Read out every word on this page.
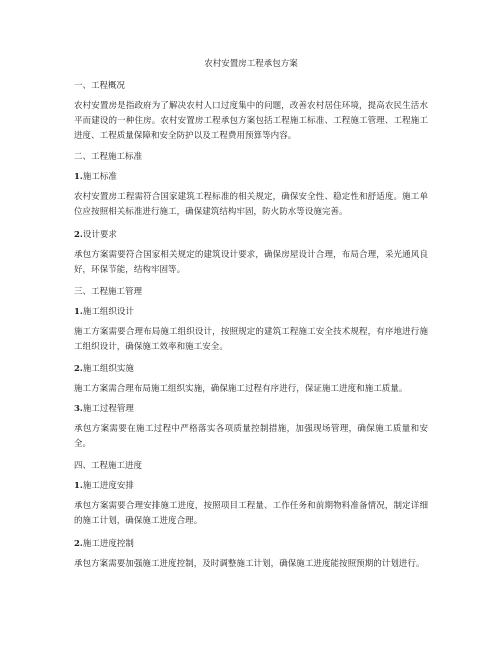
农村安置房工程承包方案

一、工程概况

农村安置房是指政府为了解决农村人口过度集中的问题，改善农村居住环境，提高农民生活水平而建设的一种住房。农村安置房工程承包方案包括工程施工标准、工程施工管理、工程施工进度、工程质量保障和安全防护以及工程费用预算等内容。

二、工程施工标准

1.施工标准

农村安置房工程需符合国家建筑工程标准的相关规定，确保安全性、稳定性和舒适度。施工单位应按照相关标准进行施工，确保建筑结构牢固，防火防水等设施完善。

2.设计要求

承包方案需要符合国家相关规定的建筑设计要求，确保房屋设计合理，布局合理，采光通风良好，环保节能，结构牢固等。

三、工程施工管理

1.施工组织设计

施工方案需要合理布局施工组织设计，按照规定的建筑工程施工安全技术规程，有序地进行施工组织设计，确保施工效率和施工安全。

2.施工组织实施

施工方案需合理布局施工组织实施，确保施工过程有序进行，保证施工进度和施工质量。

3.施工过程管理

承包方案需要在施工过程中严格落实各项质量控制措施，加强现场管理，确保施工质量和安全。

四、工程施工进度

1.施工进度安排

承包方案需要合理安排施工进度，按照项目工程量、工作任务和前期物料准备情况，制定详细的施工计划，确保施工进度合理。

2.施工进度控制

承包方案需要加强施工进度控制，及时调整施工计划，确保施工进度能按照预期的计划进行。
